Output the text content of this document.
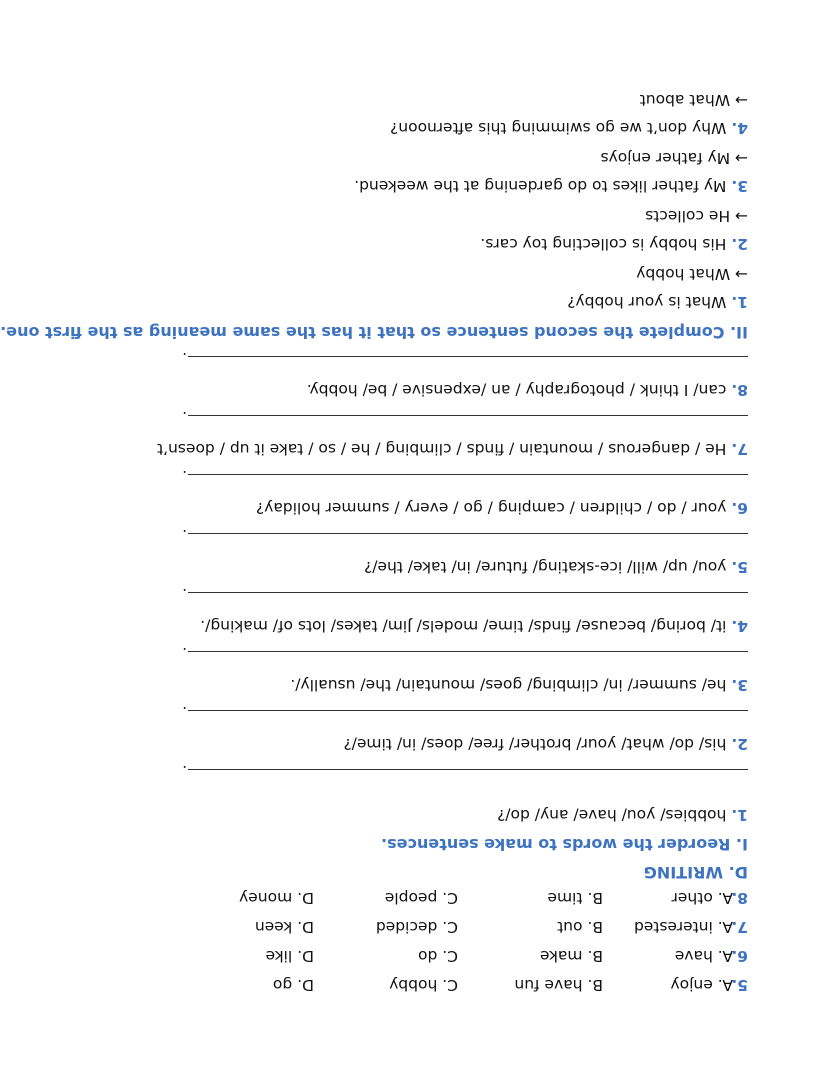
5.
A. enjoy
B. have fun
C. hobby
D. go
6.
A. have
B. make
C. do
D. like
7.
A. interested
B. out
C. decided
D. keen
8.
A. other
B. time
C. people
D. money
D. WRITING
I. Reorder the words to make sentences.
1. hobbies/ you/ have/ any/ do/?
.
2. his/ do/ what/ your/ brother/ free/ does/ in/ time/?
.
3. he/ summer/ in/ climbing/ goes/ mountain/ the/ usually/.
.
4. it/ boring/ because/ finds/ time/ models/ Jim/ takes/ lots of/ making/.
.
5. you/ up/ will/ ice-skating/ future/ in/ take/ the/?
.
6. your / do / children / camping / go / every / summer holiday?
.
7. He / dangerous / mountain / finds / climbing / he / so / take it up / doesn’t
.
8. can/ I think / photography / an /expensive / be/ hobby.
.
II. Complete the second sentence so that it has the same meaning as the first one.
1. What is your hobby?
→ What hobby
2. His hobby is collecting toy cars.
→ He collects
3. My father likes to do gardening at the weekend.
→ My father enjoys
4. Why don’t we go swimming this afternoon?
→ What about
